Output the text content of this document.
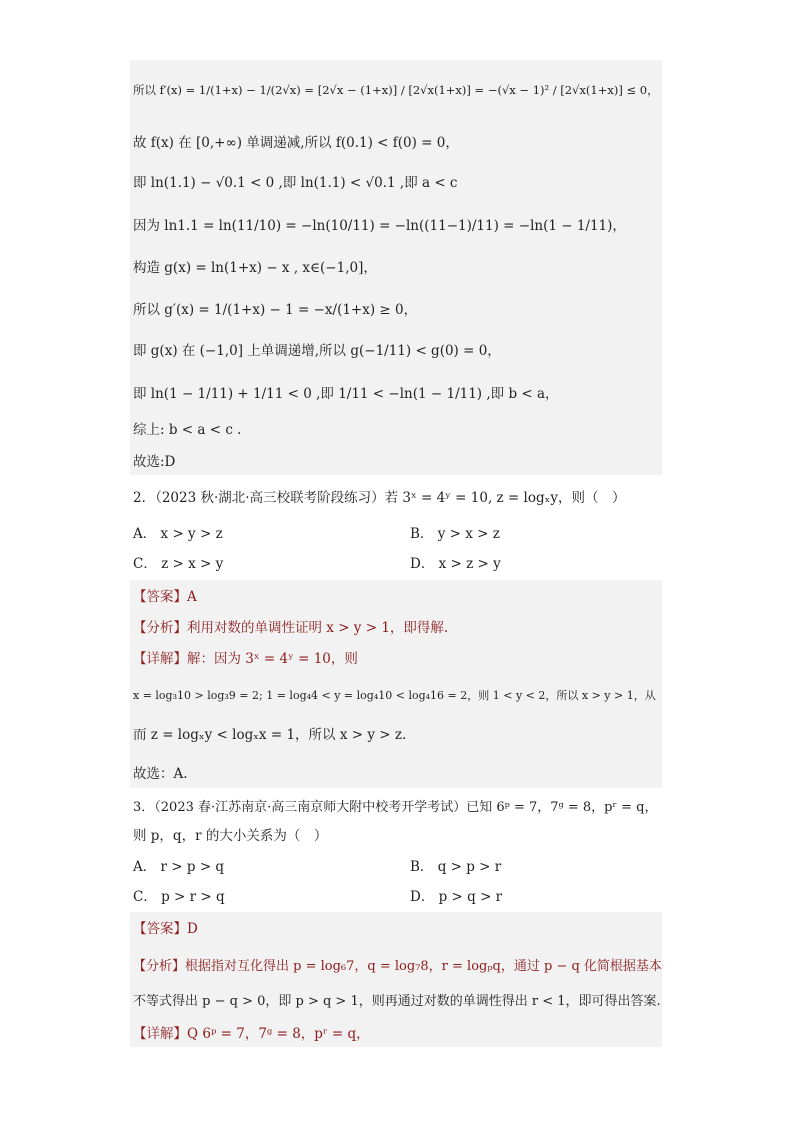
所以 f′(x) = 1/(1+x) − 1/(2√x) = [2√x − (1+x)] / [2√x(1+x)] = −(√x − 1)² / [2√x(1+x)] ≤ 0，
故 f(x) 在 [0,+∞) 单调递减,所以 f(0.1) < f(0) = 0，
即 ln(1.1) − √0.1 < 0 ,即 ln(1.1) < √0.1 ,即 a < c
因为 ln1.1 = ln(11/10) = −ln(10/11) = −ln((11−1)/11) = −ln(1 − 1/11)，
构造 g(x) = ln(1+x) − x , x∈(−1,0]，
所以 g′(x) = 1/(1+x) − 1 = −x/(1+x) ≥ 0，
即 g(x) 在 (−1,0] 上单调递增,所以 g(−1/11) < g(0) = 0，
即 ln(1 − 1/11) + 1/11 < 0 ,即 1/11 < −ln(1 − 1/11) ,即 b < a，
综上: b < a < c .
故选:D
2．（2023 秋·湖北·高三校联考阶段练习）若 3ˣ = 4ʸ = 10, z = logₓy，则（　）
A． x > y > z	B． y > x > z
C． z > x > y	D． x > z > y
【答案】A
【分析】利用对数的单调性证明 x > y > 1，即得解.
【详解】解：因为 3ˣ = 4ʸ = 10，则
x = log₃10 > log₃9 = 2; 1 = log₄4 < y = log₄10 < log₄16 = 2，则 1 < y < 2，所以 x > y > 1，从
而 z = logₓy < logₓx = 1，所以 x > y > z.
故选：A.
3．（2023 春·江苏南京·高三南京师大附中校考开学考试）已知 6ᵖ = 7，7ᵍ = 8，pʳ = q，
则 p，q，r 的大小关系为（　）
A． r > p > q	B． q > p > r
C． p > r > q	D． p > q > r
【答案】D
【分析】根据指对互化得出 p = log₆7，q = log₇8，r = logₚq，通过 p − q 化简根据基本
不等式得出 p − q > 0，即 p > q > 1，则再通过对数的单调性得出 r < 1，即可得出答案.
【详解】Q 6ᵖ = 7，7ᵍ = 8，pʳ = q，
